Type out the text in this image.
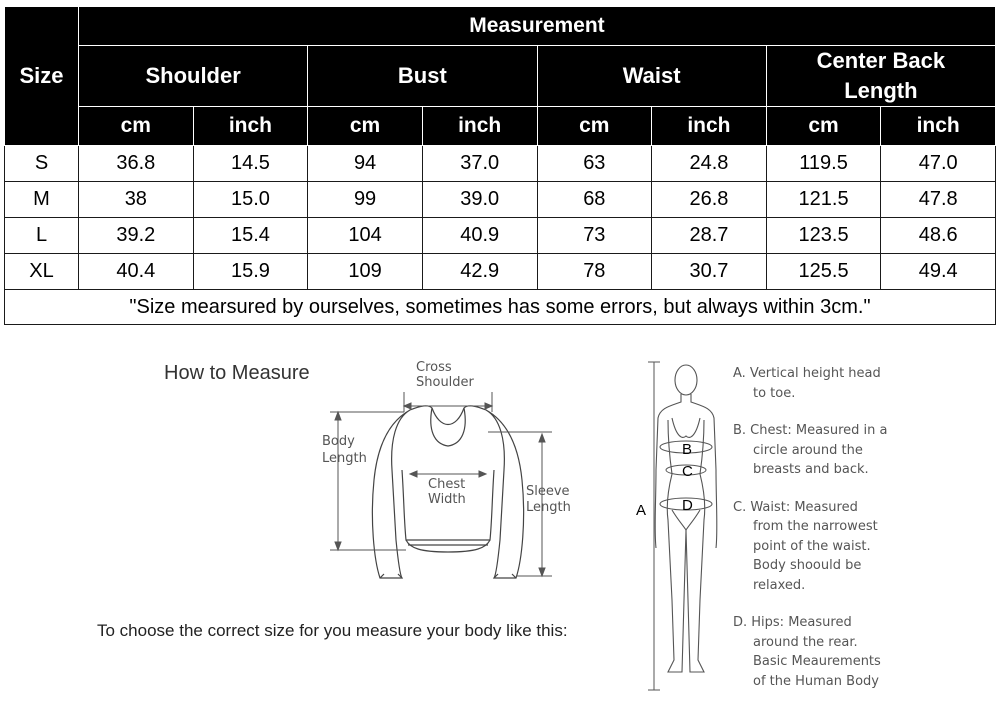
Size	Measurement							
	Shoulder		Bust		Waist		Center Back
Length	
	cm	inch	cm	inch	cm	inch	cm	inch
S	36.8	14.5	94	37.0	63	24.8	119.5	47.0
M	38	15.0	99	39.0	68	26.8	121.5	47.8
L	39.2	15.4	104	40.9	73	28.7	123.5	48.6
XL	40.4	15.9	109	42.9	78	30.7	125.5	49.4
"Size mearsured by ourselves, sometimes has some errors, but always within 3cm."								
How to Measure
To choose the correct size for you measure your body like this:
Cross
Shoulder
Body
Length
Chest
Width
Sleeve
Length	A
B
C
D
A. Vertical height head
to toe.
B. Chest: Measured in a
circle around the
breasts and back.
C. Waist: Measured
from the narrowest
point of the waist.
Body shoould be
relaxed.
D. Hips: Measured
around the rear.
Basic Meaurements
of the Human Body
